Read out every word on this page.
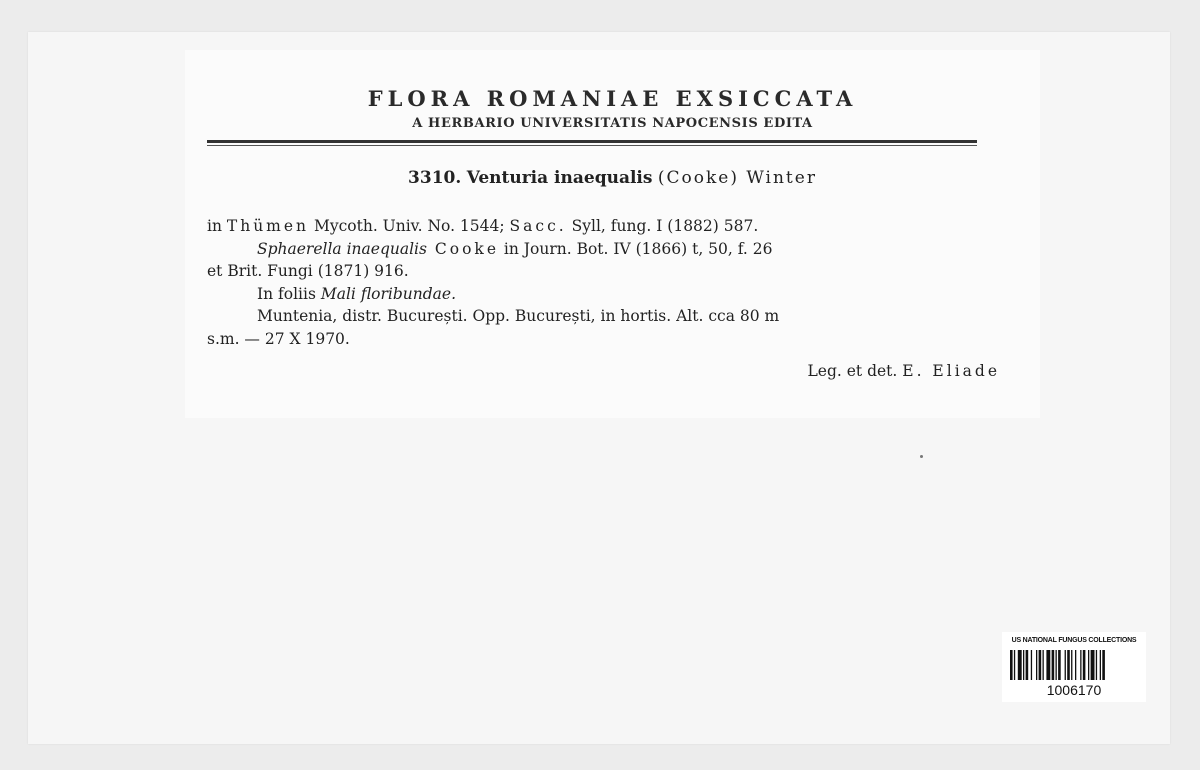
FLORA ROMANIAE EXSICCATA
A HERBARIO UNIVERSITATIS NAPOCENSIS EDITA
3310. Venturia inaequalis (Cooke) Winter
in Thümen Mycoth. Univ. No. 1544; Sacc. Syll, fung. I (1882) 587.
Sphaerella inaequalis Cooke in Journ. Bot. IV (1866) t, 50, f. 26
et Brit. Fungi (1871) 916.
In foliis Mali floribundae.
Muntenia, distr. București. Opp. București, in hortis. Alt. cca 80 m
s.m. — 27 X 1970.
Leg. et det. E. Eliade
US NATIONAL FUNGUS COLLECTIONS
1006170
